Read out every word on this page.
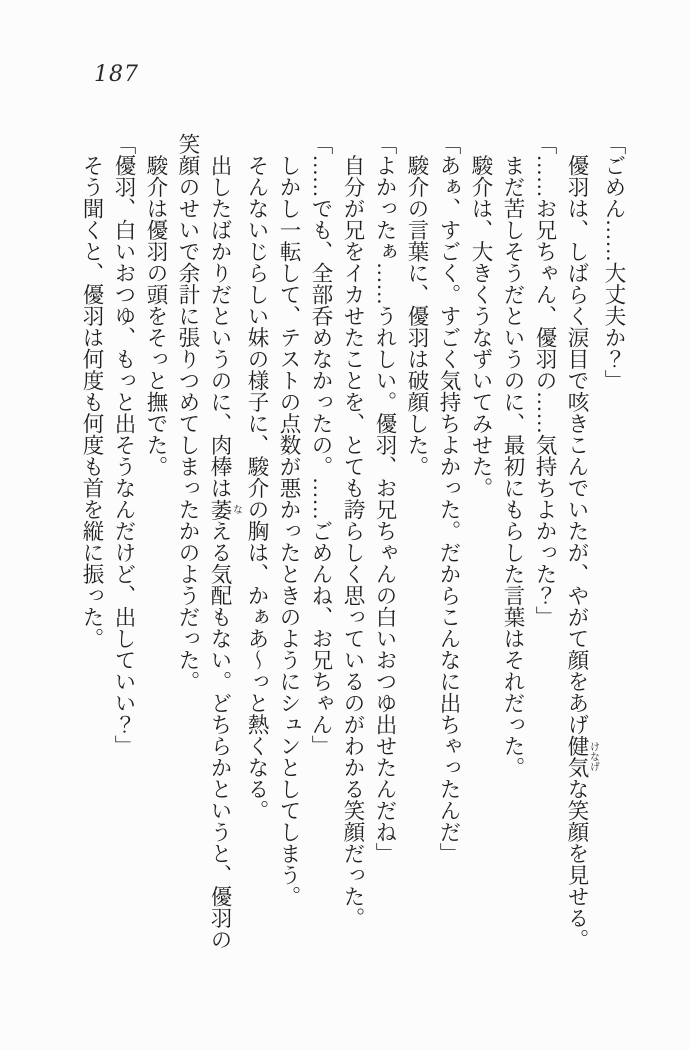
187

「ごめん……大丈夫か？」

　優羽は、しばらく涙目で咳きこんでいたが、やがて顔をあげ健気けなげな笑顔を見せる。

「……お兄ちゃん、優羽の……気持ちよかった？」

　まだ苦しそうだというのに、最初にもらした言葉はそれだった。

　駿介は、大きくうなずいてみせた。

「あぁ、すごく。すごく気持ちよかった。だからこんなに出ちゃったんだ」

　駿介の言葉に、優羽は破顔した。

「よかったぁ……うれしい。優羽、お兄ちゃんの白いおつゆ出せたんだね」

　自分が兄をイカせたことを、とても誇らしく思っているのがわかる笑顔だった。

「……でも、全部呑めなかったの。……ごめんね、お兄ちゃん」

　しかし一転して、テストの点数が悪かったときのようにシュンとしてしまう。

　そんないじらしい妹の様子に、駿介の胸は、かぁあ〜っと熱くなる。

　出したばかりだというのに、肉棒は萎なえる気配もない。どちらかというと、優羽の

笑顔のせいで余計に張りつめてしまったかのようだった。

　駿介は優羽の頭をそっと撫でた。

「優羽、白いおつゆ、もっと出そうなんだけど、出していい？」

　そう聞くと、優羽は何度も何度も首を縦に振った。
